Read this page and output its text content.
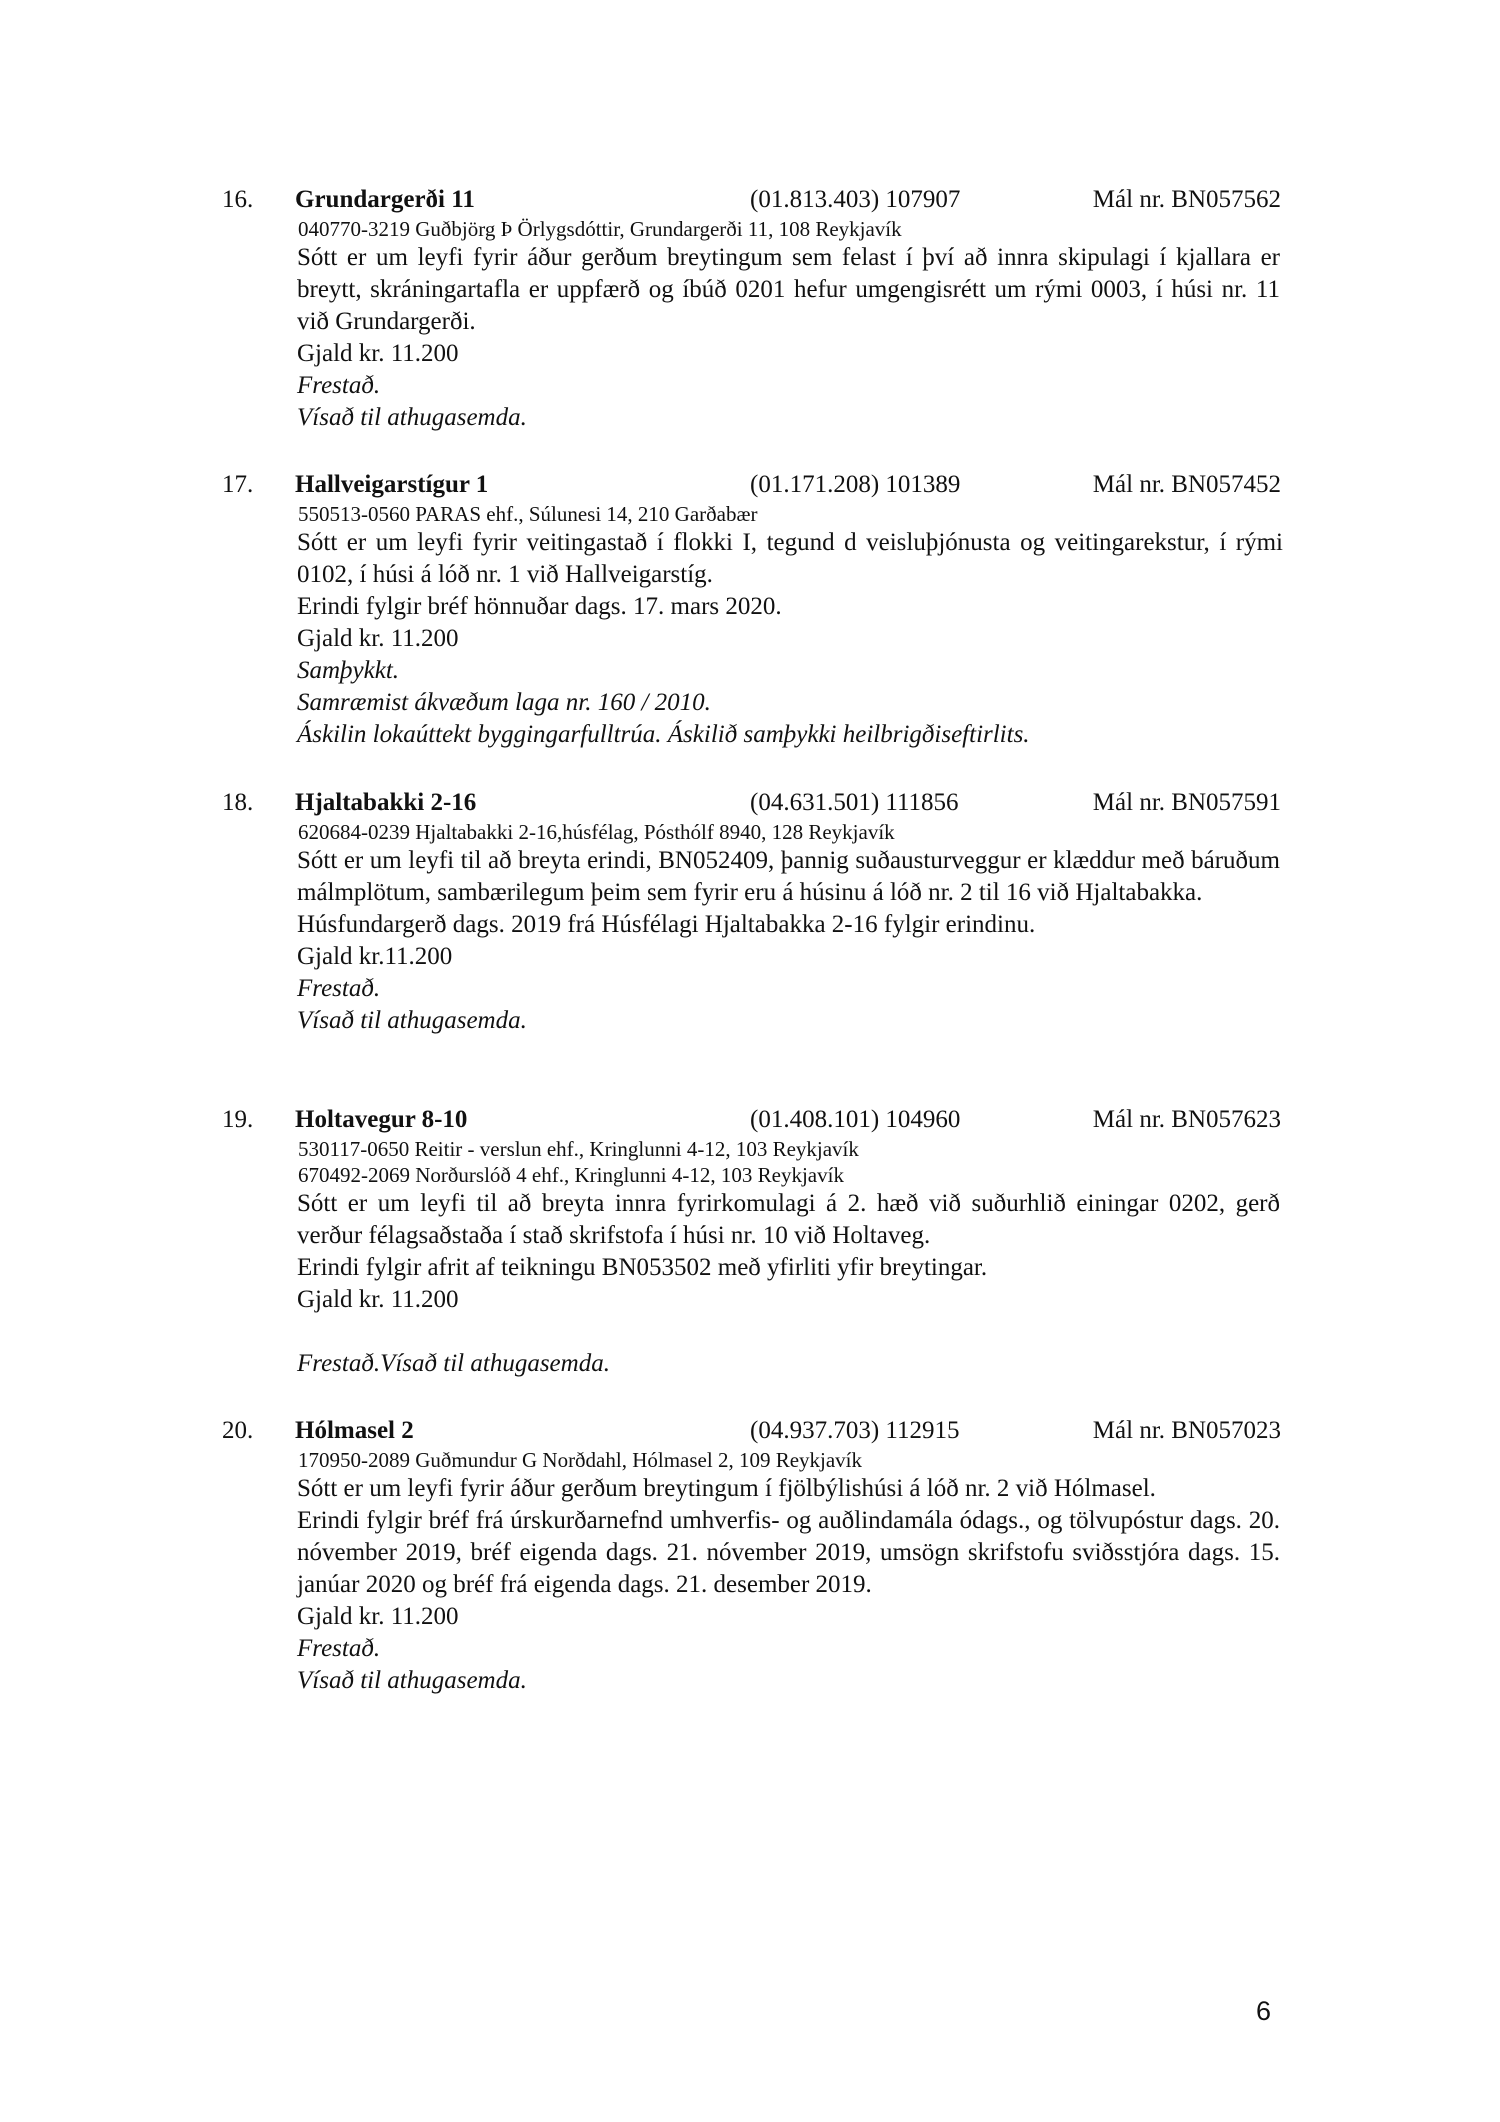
16. Grundargerði 11	(01.813.403) 107907	Mál nr. BN057562
040770-3219 Guðbjörg Þ Örlygsdóttir, Grundargerði 11, 108 Reykjavík
Sótt er um leyfi fyrir áður gerðum breytingum sem felast í því að innra skipulagi í kjallara er breytt, skráningartafla er uppfærð og íbúð 0201 hefur umgengisrétt um rými 0003, í húsi nr. 11 við Grundargerði.
Gjald kr. 11.200
Frestað.
Vísað til athugasemda.
17. Hallveigarstígur 1	(01.171.208) 101389	Mál nr. BN057452
550513-0560 PARAS ehf., Súlunesi 14, 210 Garðabær
Sótt er um leyfi fyrir veitingastað í flokki I, tegund d veisluþjónusta og veitingarekstur, í rými 0102, í húsi á lóð nr. 1 við Hallveigarstíg.
Erindi fylgir bréf hönnuðar dags. 17. mars 2020.
Gjald kr. 11.200
Samþykkt.
Samræmist ákvæðum laga nr. 160 / 2010.
Áskilin lokaúttekt byggingarfulltrúa. Áskilið samþykki heilbrigðiseftirlits.
18. Hjaltabakki 2-16	(04.631.501) 111856	Mál nr. BN057591
620684-0239 Hjaltabakki 2-16,húsfélag, Pósthólf 8940, 128 Reykjavík
Sótt er um leyfi til að breyta erindi, BN052409, þannig suðausturveggur er klæddur með báruðum málmplötum, sambærilegum þeim sem fyrir eru á húsinu á lóð nr. 2 til 16 við Hjaltabakka.
Húsfundargerð dags. 2019 frá Húsfélagi Hjaltabakka 2-16 fylgir erindinu.
Gjald kr.11.200
Frestað.
Vísað til athugasemda.
19. Holtavegur 8-10	(01.408.101) 104960	Mál nr. BN057623
530117-0650 Reitir - verslun ehf., Kringlunni 4-12, 103 Reykjavík
670492-2069 Norðurslóð 4 ehf., Kringlunni 4-12, 103 Reykjavík
Sótt er um leyfi til að breyta innra fyrirkomulagi á 2. hæð við suðurhlið einingar 0202, gerð verður félagsaðstaða í stað skrifstofa í húsi nr. 10 við Holtaveg.
Erindi fylgir afrit af teikningu BN053502 með yfirliti yfir breytingar.
Gjald kr. 11.200
Frestað.Vísað til athugasemda.
20. Hólmasel 2	(04.937.703) 112915	Mál nr. BN057023
170950-2089 Guðmundur G Norðdahl, Hólmasel 2, 109 Reykjavík
Sótt er um leyfi fyrir áður gerðum breytingum í fjölbýlishúsi á lóð nr. 2 við Hólmasel.
Erindi fylgir bréf frá úrskurðarnefnd umhverfis- og auðlindamála ódags., og tölvupóstur dags. 20. nóvember 2019, bréf eigenda dags. 21. nóvember 2019, umsögn skrifstofu sviðsstjóra dags. 15. janúar 2020 og bréf frá eigenda dags. 21. desember 2019.
Gjald kr. 11.200
Frestað.
Vísað til athugasemda.
6
